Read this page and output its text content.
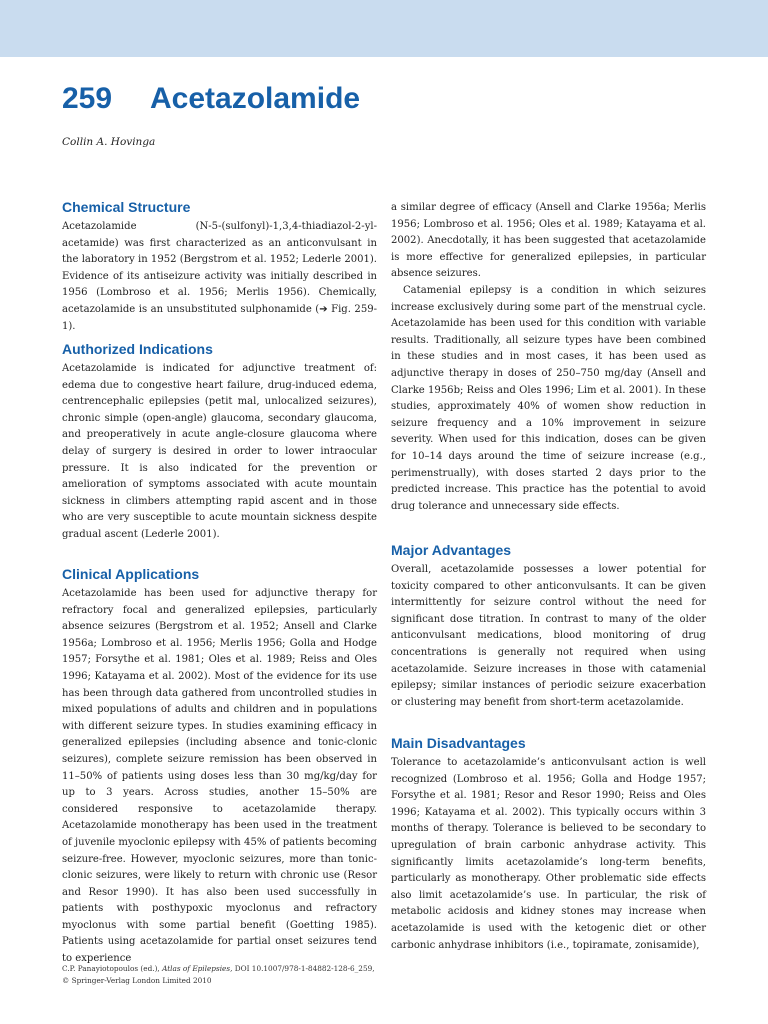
259 Acetazolamide
Collin A. Hovinga
Chemical Structure

Acetazolamide (N-5-(sulfonyl)-1,3,4-thiadiazol-2-yl-acetamide) was first characterized as an anticonvulsant in the laboratory in 1952 (Bergstrom et al. 1952; Lederle 2001). Evidence of its antiseizure activity was initially described in 1956 (Lombroso et al. 1956; Merlis 1956). Chemically, acetazolamide is an unsubstituted sulphonamide (➔ Fig. 259-1).

Authorized Indications

Acetazolamide is indicated for adjunctive treatment of: edema due to congestive heart failure, drug-induced edema, centrencephalic epilepsies (petit mal, unlocalized seizures), chronic simple (open-angle) glaucoma, secondary glaucoma, and preoperatively in acute angle-closure glaucoma where delay of surgery is desired in order to lower intraocular pressure. It is also indicated for the prevention or amelioration of symptoms associated with acute mountain sickness in climbers attempting rapid ascent and in those who are very susceptible to acute mountain sickness despite gradual ascent (Lederle 2001).

Clinical Applications

Acetazolamide has been used for adjunctive therapy for refractory focal and generalized epilepsies, particularly absence seizures (Bergstrom et al. 1952; Ansell and Clarke 1956a; Lombroso et al. 1956; Merlis 1956; Golla and Hodge 1957; Forsythe et al. 1981; Oles et al. 1989; Reiss and Oles 1996; Katayama et al. 2002). Most of the evidence for its use has been through data gathered from uncontrolled studies in mixed populations of adults and children and in populations with different seizure types. In studies examining efficacy in generalized epilepsies (including absence and tonic-clonic seizures), complete seizure remission has been observed in 11–50% of patients using doses less than 30 mg/kg/day for up to 3 years. Across studies, another 15–50% are considered responsive to acetazolamide therapy. Acetazolamide monotherapy has been used in the treatment of juvenile myoclonic epilepsy with 45% of patients becoming seizure-free. However, myoclonic seizures, more than tonic-clonic seizures, were likely to return with chronic use (Resor and Resor 1990). It has also been used successfully in patients with posthypoxic myoclonus and refractory myoclonus with some partial benefit (Goetting 1985). Patients using acetazolamide for partial onset seizures tend to experience

a similar degree of efficacy (Ansell and Clarke 1956a; Merlis 1956; Lombroso et al. 1956; Oles et al. 1989; Katayama et al. 2002). Anecdotally, it has been suggested that acetazolamide is more effective for generalized epilepsies, in particular absence seizures.

Catamenial epilepsy is a condition in which seizures increase exclusively during some part of the menstrual cycle. Acetazolamide has been used for this condition with variable results. Traditionally, all seizure types have been combined in these studies and in most cases, it has been used as adjunctive therapy in doses of 250–750 mg/day (Ansell and Clarke 1956b; Reiss and Oles 1996; Lim et al. 2001). In these studies, approximately 40% of women show reduction in seizure frequency and a 10% improvement in seizure severity. When used for this indication, doses can be given for 10–14 days around the time of seizure increase (e.g., perimenstrually), with doses started 2 days prior to the predicted increase. This practice has the potential to avoid drug tolerance and unnecessary side effects.

Major Advantages

Overall, acetazolamide possesses a lower potential for toxicity compared to other anticonvulsants. It can be given intermittently for seizure control without the need for significant dose titration. In contrast to many of the older anticonvulsant medications, blood monitoring of drug concentrations is generally not required when using acetazolamide. Seizure increases in those with catamenial epilepsy; similar instances of periodic seizure exacerbation or clustering may benefit from short-term acetazolamide.

Main Disadvantages

Tolerance to acetazolamide’s anticonvulsant action is well recognized (Lombroso et al. 1956; Golla and Hodge 1957; Forsythe et al. 1981; Resor and Resor 1990; Reiss and Oles 1996; Katayama et al. 2002). This typically occurs within 3 months of therapy. Tolerance is believed to be secondary to upregulation of brain carbonic anhydrase activity. This significantly limits acetazolamide’s long-term benefits, particularly as monotherapy. Other problematic side effects also limit acetazolamide’s use. In particular, the risk of metabolic acidosis and kidney stones may increase when acetazolamide is used with the ketogenic diet or other carbonic anhydrase inhibitors (i.e., topiramate, zonisamide),

C.P. Panayiotopoulos (ed.), Atlas of Epilepsies, DOI 10.1007/978-1-84882-128-6_259,
© Springer-Verlag London Limited 2010
